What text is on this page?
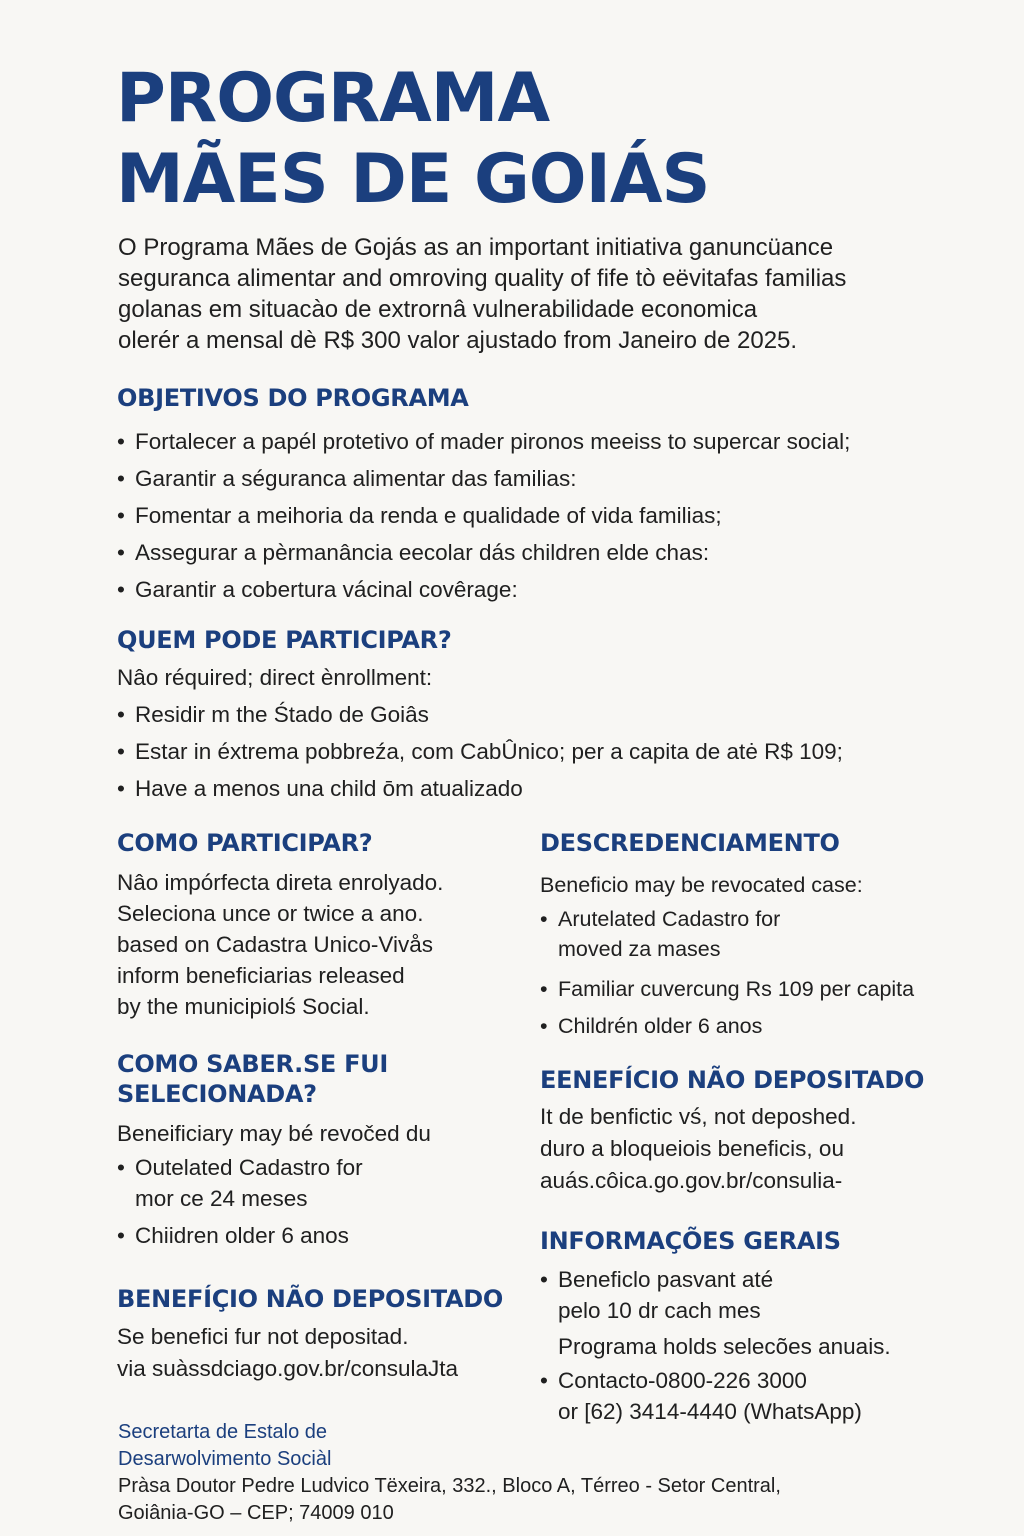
PROGRAMA
MÃES DE GOIÁS
O Programa Mães de Gojás as an important initiativa ganuncüance
seguranca alimentar and omroving quality of fife tò eëvitafas familias
golanas em situacào de extrornâ vulnerabilidade economica
olerér a mensal dè R$ 300 valor ajustado from Janeiro de 2025.
OBJETIVOS DO PROGRAMA
• Fortalecer a papél protetivo of mader pironos meeiss to supercar social;
• Garantir a séguranca alimentar das familias:
• Fomentar a meihoria da renda e qualidade of vida familias;
• Assegurar a pèrmanância eecolar dás children elde chas:
• Garantir a cobertura vácinal covêrage:
QUEM PODE PARTICIPAR?
Nâo réquired; direct ènrollment:
• Residir m the Śtado de Goiâs
• Estar in éxtrema pobbreźa, com CabÛnico; per a capita de atė R$ 109;
• Have a menos una child ōm atualizado
COMO PARTICIPAR?
Nâo impórfecta direta enrolyado.
Seleciona unce or twice a ano.
based on Cadastra Unico-Vivås
inform beneficiarias released
by the municipiolś Social.
COMO SABER.SE FUI
SELECIONADA?
Beneificiary may bé revočed du
• Outelated Cadastro for
mor ce 24 meses
• Chiidren older 6 anos
BENEFÍÇIO NÃO DEPOSITADO
Se benefici fur not depositad.
via suàssdciago.gov.br/consulaJta
DESCREDENCIAMENTO
Beneficio may be revocated case:
• Arutelated Cadastro for
moved za mases
• Familiar cuvercung Rs 109 per capita
• Childrén older 6 anos
EENEFÍCIO NÃO DEPOSITADO
It de benfictic vś, not deposhed.
duro a bloqueiois beneficis, ou
auás.côica.go.gov.br/consulia-
INFORMAÇÕES GERAIS
• Beneficlo pasvant até
pelo 10 dr cach mes
Programa holds selecões anuais.
• Contacto-0800-226 3000
or [62) 3414-4440 (WhatsApp)
Secretarta de Estalo de
Desarwolvimento Sociàl
Pràsa Doutor Pedre Ludvico Tëxeira, 332., Bloco A, Térreo - Setor Central,
Goiânia-GO – CEP; 74009 010
